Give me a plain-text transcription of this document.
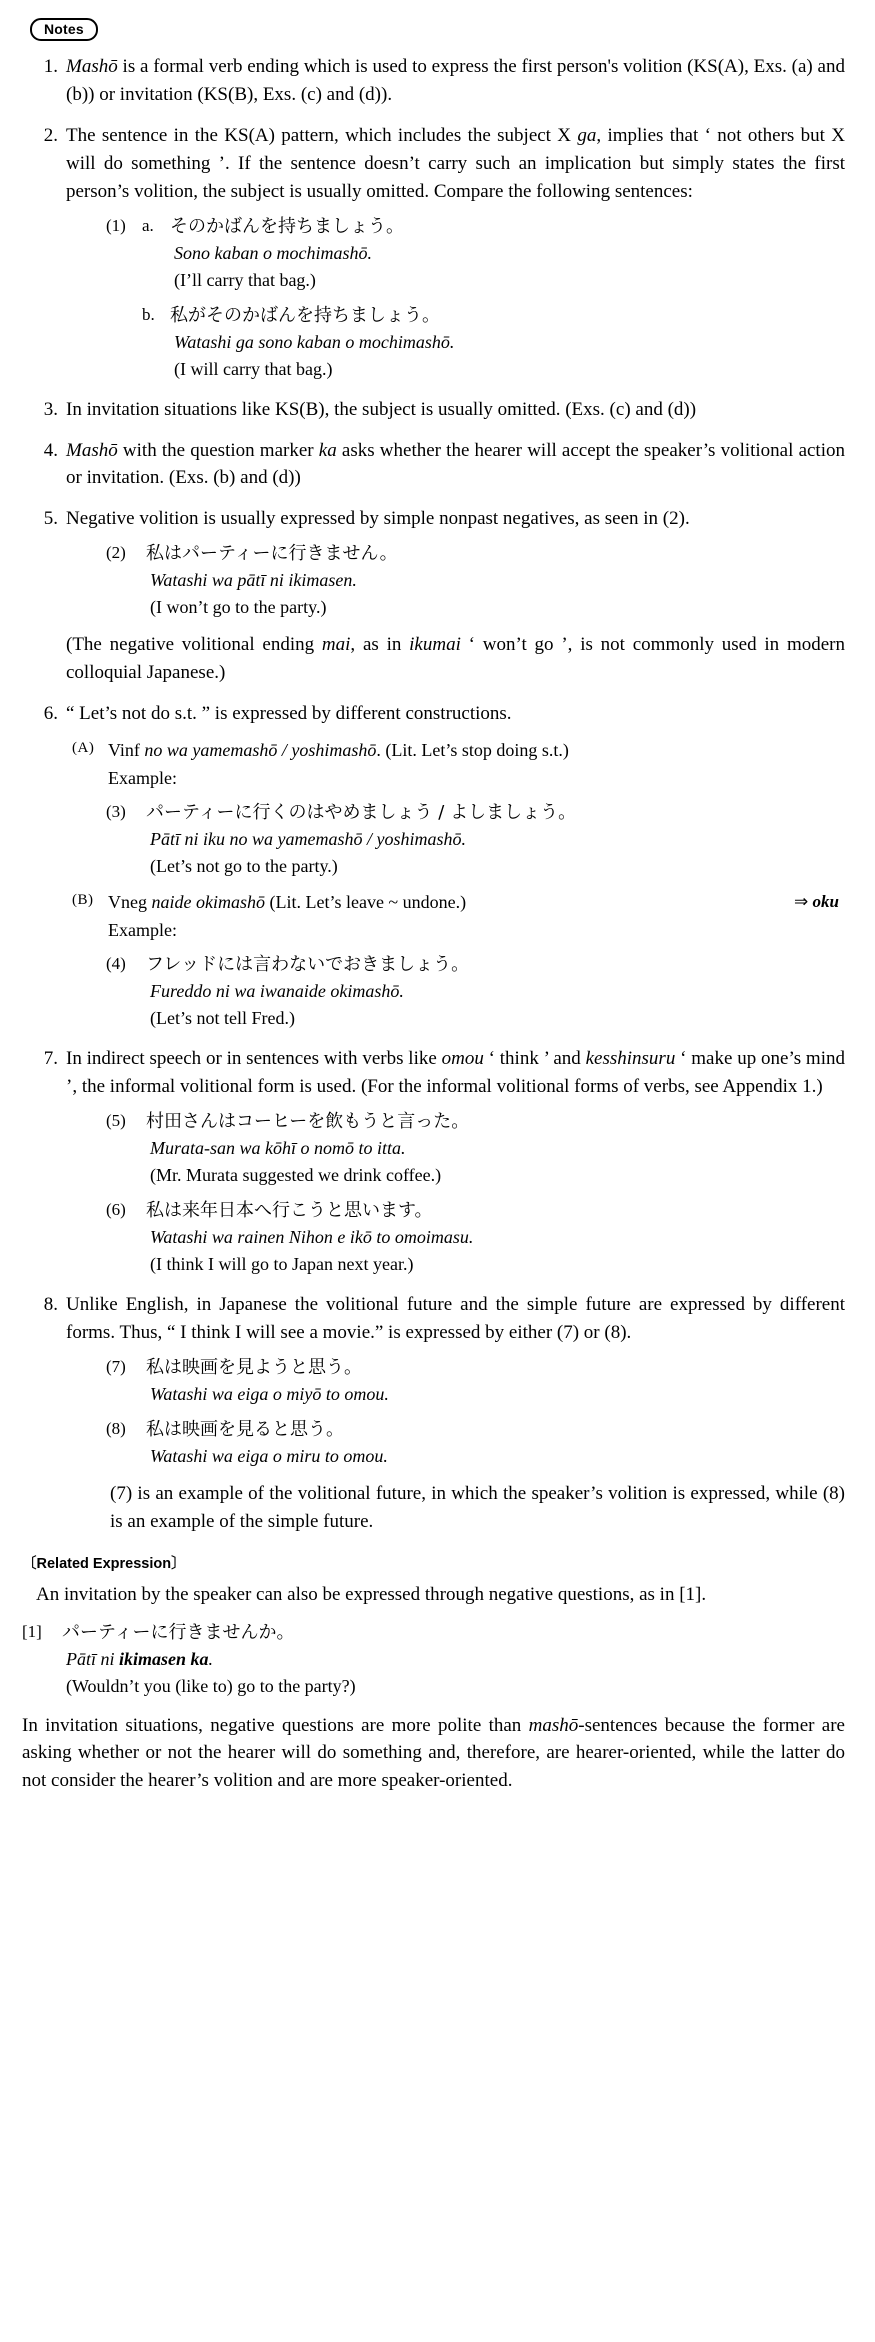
Notes
1. Mashō is a formal verb ending which is used to express the first person's volition (KS(A), Exs. (a) and (b)) or invitation (KS(B), Exs. (c) and (d)).
2. The sentence in the KS(A) pattern, which includes the subject X ga, implies that ‘ not others but X will do something ’. If the sentence doesn’t carry such an implication but simply states the first person’s volition, the subject is usually omitted. Compare the following sentences:
(1) a. そのかばんを持ちましょう。
Sono kaban o mochimashō.
(I’ll carry that bag.)
b. 私がそのかばんを持ちましょう。
Watashi ga sono kaban o mochimashō.
(I will carry that bag.)
3. In invitation situations like KS(B), the subject is usually omitted. (Exs. (c) and (d))
4. Mashō with the question marker ka asks whether the hearer will accept the speaker’s volitional action or invitation. (Exs. (b) and (d))
5. Negative volition is usually expressed by simple nonpast negatives, as seen in (2).
(2) 私はパーティーに行きません。
Watashi wa pātī ni ikimasen.
(I won’t go to the party.)
(The negative volitional ending mai, as in ikumai ‘ won’t go ’, is not commonly used in modern colloquial Japanese.)
6. “ Let’s not do s.t. ” is expressed by different constructions.
(A) Vinf no wa yamemashō / yoshimashō. (Lit. Let’s stop doing s.t.)
Example:
(3) パーティーに行くのはやめましょう / よしましょう。
Pātī ni iku no wa yamemashō / yoshimashō.
(Let’s not go to the party.)
⇒ oku
(B) Vneg naide okimashō (Lit. Let’s leave ~ undone.)
Example:
(4) フレッドには言わないでおきましょう。
Fureddo ni wa iwanaide okimashō.
(Let’s not tell Fred.)
7. In indirect speech or in sentences with verbs like omou ‘ think ’ and kesshinsuru ‘ make up one’s mind ’, the informal volitional form is used. (For the informal volitional forms of verbs, see Appendix 1.)
(5) 村田さんはコーヒーを飲もうと言った。
Murata-san wa kōhī o nomō to itta.
(Mr. Murata suggested we drink coffee.)
(6) 私は来年日本へ行こうと思います。
Watashi wa rainen Nihon e ikō to omoimasu.
(I think I will go to Japan next year.)
8. Unlike English, in Japanese the volitional future and the simple future are expressed by different forms. Thus, “ I think I will see a movie.” is expressed by either (7) or (8).
(7) 私は映画を見ようと思う。
Watashi wa eiga o miyō to omou.
(8) 私は映画を見ると思う。
Watashi wa eiga o miru to omou.
(7) is an example of the volitional future, in which the speaker’s volition is expressed, while (8) is an example of the simple future.
〔Related Expression〕
An invitation by the speaker can also be expressed through negative questions, as in [1].
[1] パーティーに行きませんか。
Pātī ni ikimasen ka.
(Wouldn’t you (like to) go to the party?)
In invitation situations, negative questions are more polite than mashō-sentences because the former are asking whether or not the hearer will do something and, therefore, are hearer-oriented, while the latter do not consider the hearer’s volition and are more speaker-oriented.
